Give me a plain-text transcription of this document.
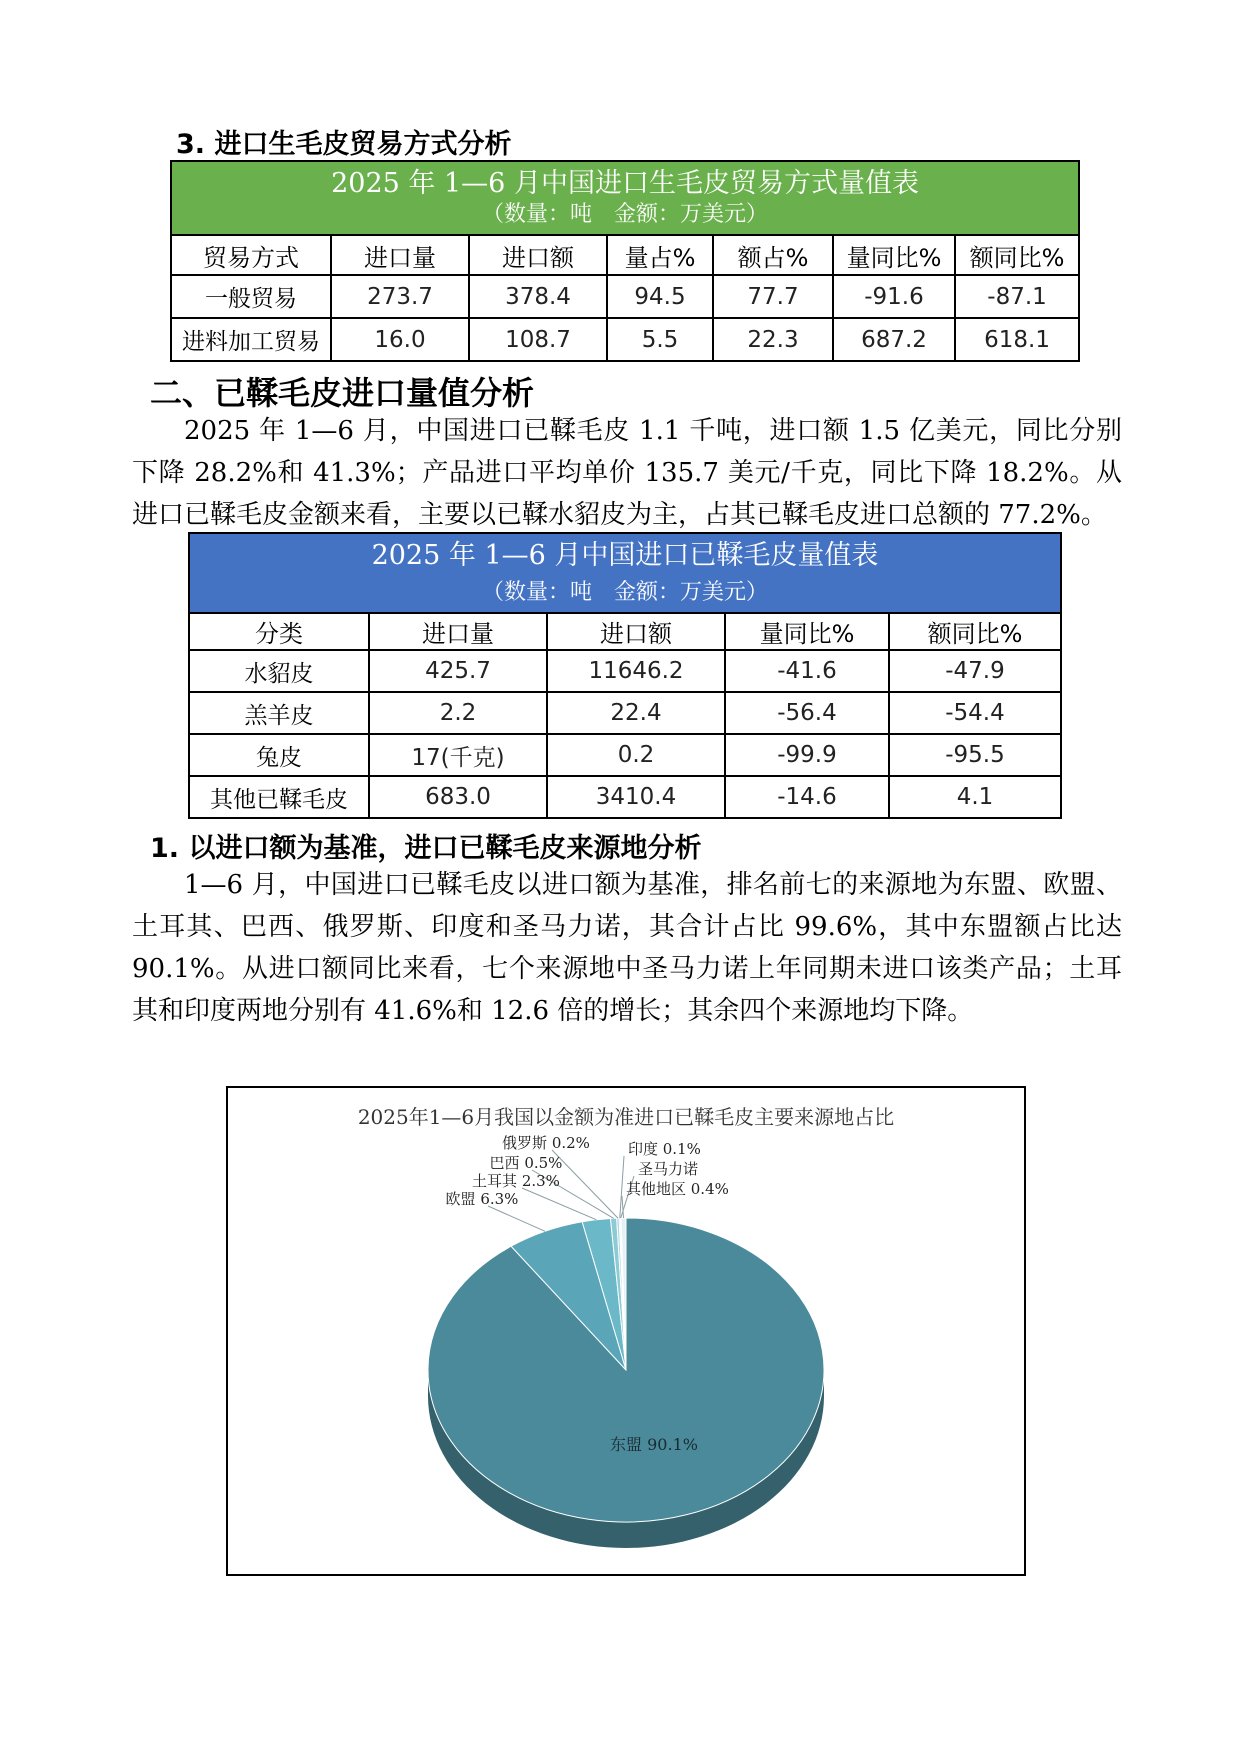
3. 进口生毛皮贸易方式分析
2025 年 1—6 月中国进口生毛皮贸易方式量值表
（数量：吨　金额：万美元）						

贸易方式	进口量	进口额	量占%	额占%	量同比%	额同比%
一般贸易	273.7	378.4	94.5	77.7	-91.6	-87.1
进料加工贸易	16.0	108.7	5.5	22.3	687.2	618.1
二、已鞣毛皮进口量值分析

2025 年 1—6 月，中国进口已鞣毛皮 1.1 千吨，进口额 1.5 亿美元，同比分别下降 28.2%和 41.3%；产品进口平均单价 135.7 美元/千克，同比下降 18.2%。从进口已鞣毛皮金额来看，主要以已鞣水貂皮为主，占其已鞣毛皮进口总额的 77.2%。

2025 年 1—6 月中国进口已鞣毛皮量值表
（数量：吨　金额：万美元）				

分类	进口量	进口额	量同比%	额同比%
水貂皮	425.7	11646.2	-41.6	-47.9
羔羊皮	2.2	22.4	-56.4	-54.4
兔皮	17(千克)	0.2	-99.9	-95.5
其他已鞣毛皮	683.0	3410.4	-14.6	4.1
1. 以进口额为基准，进口已鞣毛皮来源地分析

1—6 月，中国进口已鞣毛皮以进口额为基准，排名前七的来源地为东盟、欧盟、土耳其、巴西、俄罗斯、印度和圣马力诺，其合计占比 99.6%，其中东盟额占比达 90.1%。从进口额同比来看，七个来源地中圣马力诺上年同期未进口该类产品；土耳其和印度两地分别有 41.6%和 12.6 倍的增长；其余四个来源地均下降。

2025年1—6月我国以金额为准进口已鞣毛皮主要来源地占比
东盟 90.1%
欧盟 6.3%
土耳其 2.3%
巴西 0.5%
俄罗斯 0.2%	印度 0.1%
圣马力诺
其他地区 0.4%
